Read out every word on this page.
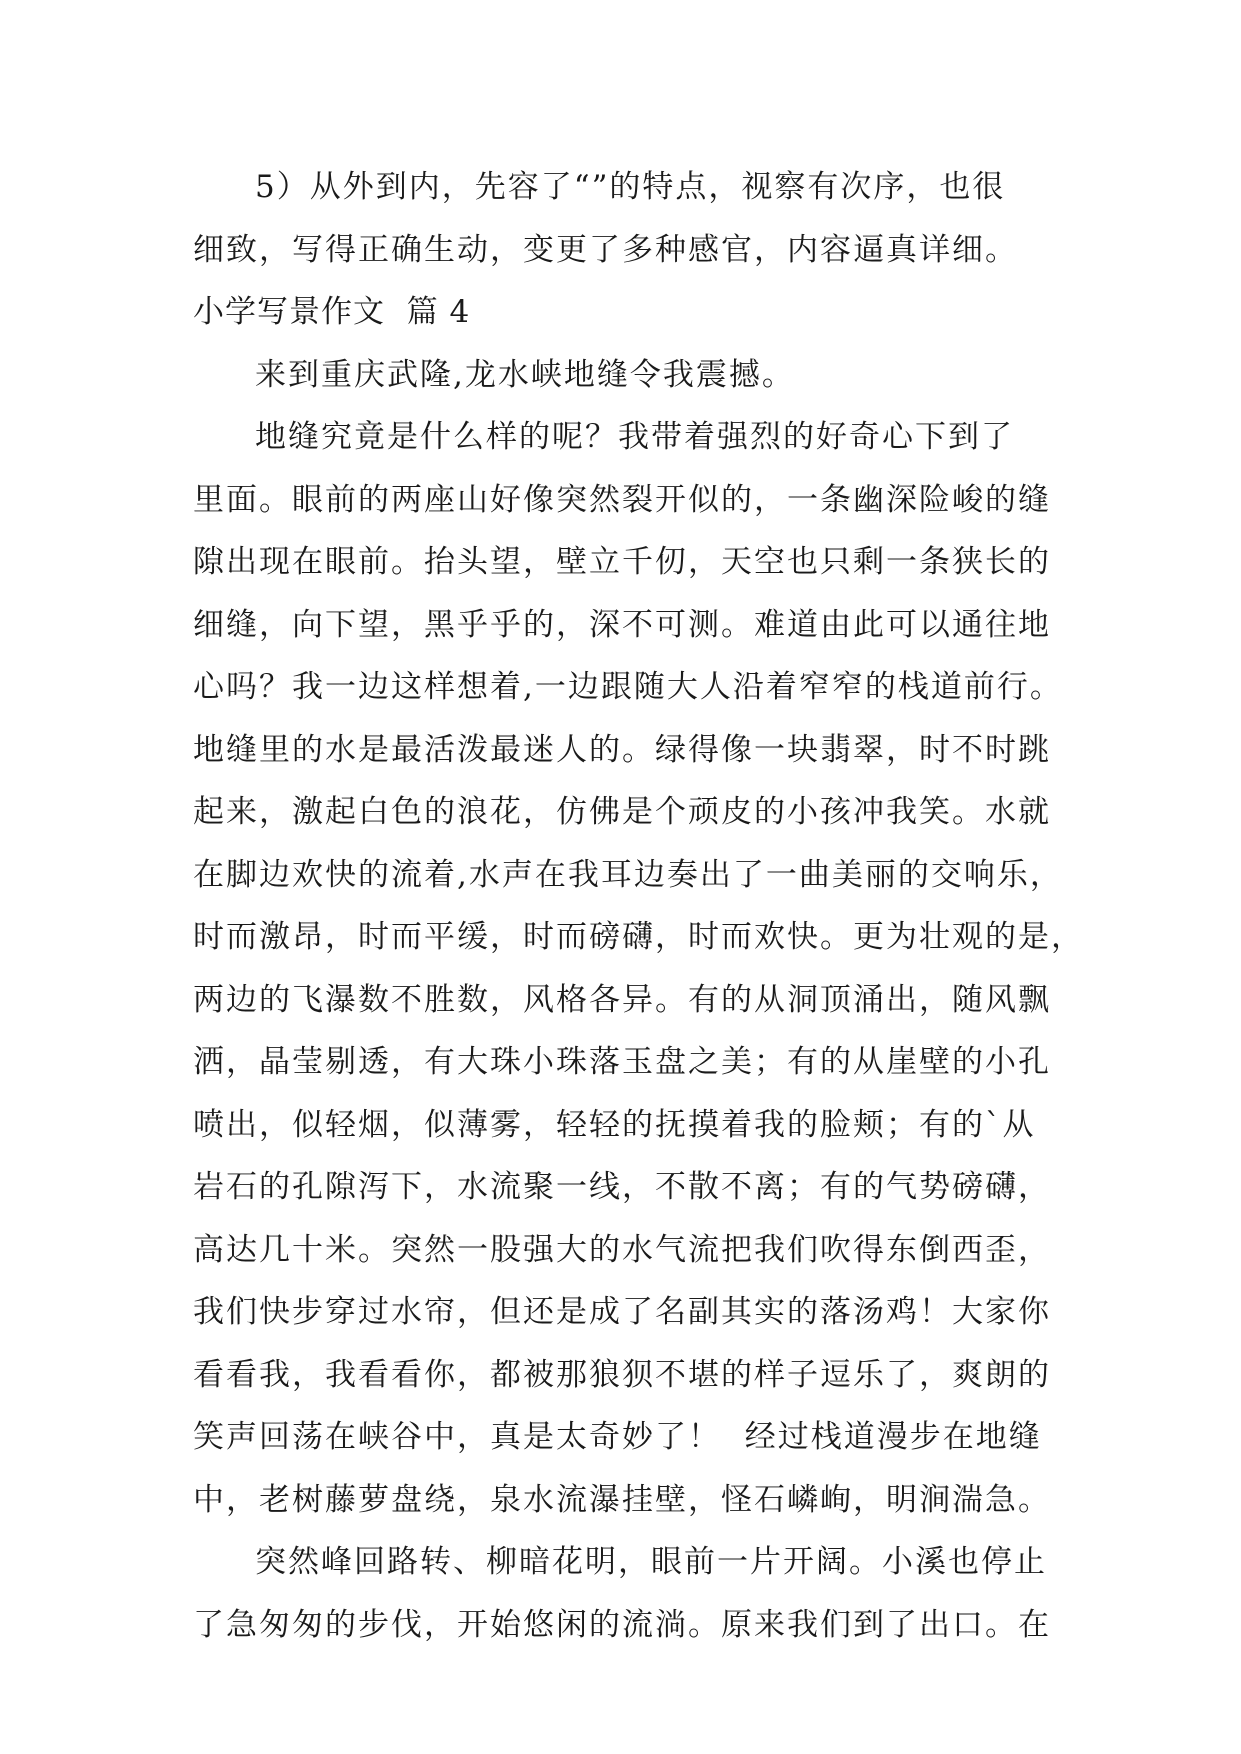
5）从外到内，先容了“”的特点，视察有次序，也很
细致，写得正确生动，变更了多种感官，内容逼真详细。
小学写景作文  篇 4
来到重庆武隆,龙水峡地缝令我震撼。
地缝究竟是什么样的呢？我带着强烈的好奇心下到了
里面。眼前的两座山好像突然裂开似的，一条幽深险峻的缝
隙出现在眼前。抬头望，壁立千仞，天空也只剩一条狭长的
细缝，向下望，黑乎乎的，深不可测。难道由此可以通往地
心吗？我一边这样想着,一边跟随大人沿着窄窄的栈道前行。
地缝里的水是最活泼最迷人的。绿得像一块翡翠，时不时跳
起来，激起白色的浪花，仿佛是个顽皮的小孩冲我笑。水就
在脚边欢快的流着,水声在我耳边奏出了一曲美丽的交响乐，
时而激昂，时而平缓，时而磅礴，时而欢快。更为壮观的是，
两边的飞瀑数不胜数，风格各异。有的从洞顶涌出，随风飘
洒，晶莹剔透，有大珠小珠落玉盘之美；有的从崖壁的小孔
喷出，似轻烟，似薄雾，轻轻的抚摸着我的脸颊；有的`从
岩石的孔隙泻下，水流聚一线，不散不离；有的气势磅礴，
高达几十米。突然一股强大的水气流把我们吹得东倒西歪，
我们快步穿过水帘，但还是成了名副其实的落汤鸡！大家你
看看我，我看看你，都被那狼狈不堪的样子逗乐了，爽朗的
笑声回荡在峡谷中，真是太奇妙了！  经过栈道漫步在地缝
中，老树藤萝盘绕，泉水流瀑挂壁，怪石嶙峋，明涧湍急。
突然峰回路转、柳暗花明，眼前一片开阔。小溪也停止
了急匆匆的步伐，开始悠闲的流淌。原来我们到了出口。在
